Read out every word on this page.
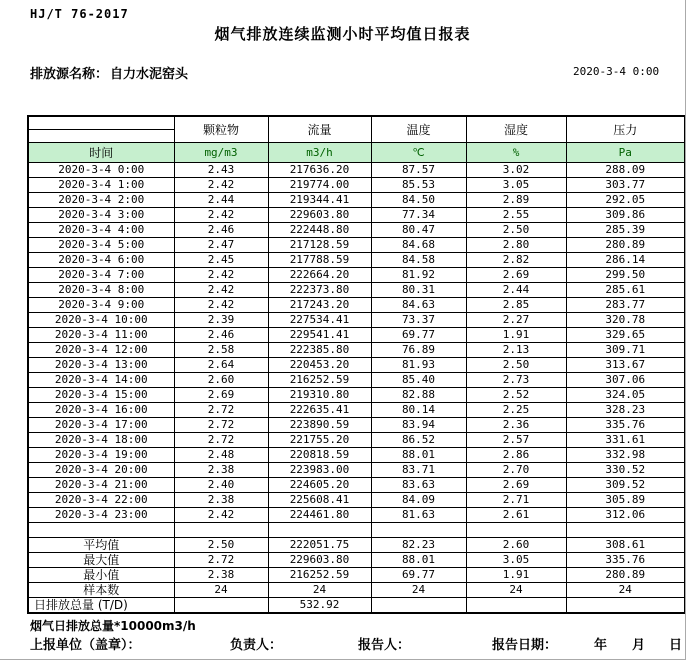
HJ/T 76-2017
烟气排放连续监测小时平均值日报表
排放源名称： 自力水泥窑头	2020-3-4 0:00
	颗粒物	流量	温度	湿度	压力

时间	mg/m3	m3/h	℃	%	Pa
2020-3-4 0:00	2.43	217636.20	87.57	3.02	288.09
2020-3-4 1:00	2.42	219774.00	85.53	3.05	303.77
2020-3-4 2:00	2.44	219344.41	84.50	2.89	292.05
2020-3-4 3:00	2.42	229603.80	77.34	2.55	309.86
2020-3-4 4:00	2.46	222448.80	80.47	2.50	285.39
2020-3-4 5:00	2.47	217128.59	84.68	2.80	280.89
2020-3-4 6:00	2.45	217788.59	84.58	2.82	286.14
2020-3-4 7:00	2.42	222664.20	81.92	2.69	299.50
2020-3-4 8:00	2.42	222373.80	80.31	2.44	285.61
2020-3-4 9:00	2.42	217243.20	84.63	2.85	283.77
2020-3-4 10:00	2.39	227534.41	73.37	2.27	320.78
2020-3-4 11:00	2.46	229541.41	69.77	1.91	329.65
2020-3-4 12:00	2.58	222385.80	76.89	2.13	309.71
2020-3-4 13:00	2.64	220453.20	81.93	2.50	313.67
2020-3-4 14:00	2.60	216252.59	85.40	2.73	307.06
2020-3-4 15:00	2.69	219310.80	82.88	2.52	324.05
2020-3-4 16:00	2.72	222635.41	80.14	2.25	328.23
2020-3-4 17:00	2.72	223890.59	83.94	2.36	335.76
2020-3-4 18:00	2.72	221755.20	86.52	2.57	331.61
2020-3-4 19:00	2.48	220818.59	88.01	2.86	332.98
2020-3-4 20:00	2.38	223983.00	83.71	2.70	330.52
2020-3-4 21:00	2.40	224605.20	83.63	2.69	309.52
2020-3-4 22:00	2.38	225608.41	84.09	2.71	305.89
2020-3-4 23:00	2.42	224461.80	81.63	2.61	312.06

平均值	2.50	222051.75	82.23	2.60	308.61
最大值	2.72	229603.80	88.01	3.05	335.76
最小值	2.38	216252.59	69.77	1.91	280.89
样本数	24	24	24	24	24
日排放总量 (T/D)		532.92			
烟气日排放总量*10000m3/h
上报单位（盖章）：	负责人：	报告人：	报告日期：	年 月 日
